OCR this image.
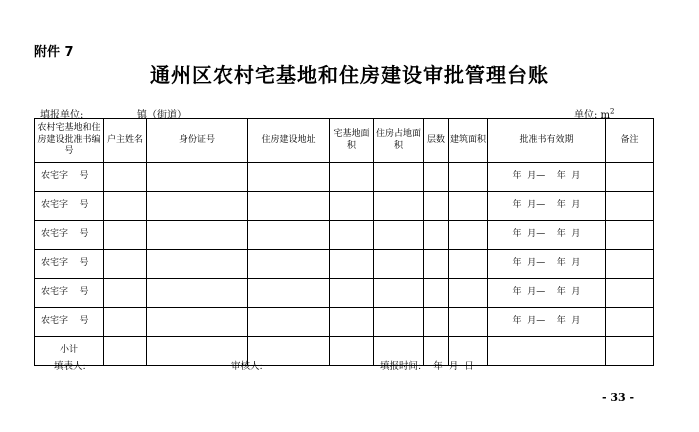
附件 7
通州区农村宅基地和住房建设审批管理台账
填报单位:	镇（街道）	单位: $m^2$
农村宅基地和住房建设批准书编号	户主姓名	身份证号	住房建设地址	宅基地面积	住房占地面积	层数	建筑面积	批准书有效期	备注
农宅字    号								年  月—    年  月	
农宅字    号								年  月—    年  月	
农宅字    号								年  月—    年  月	
农宅字    号								年  月—    年  月	
农宅字    号								年  月—    年  月	
农宅字    号								年  月—    年  月	
小计									
填表人:	审核人:	填报时间:    年  月  日
- 33 -
